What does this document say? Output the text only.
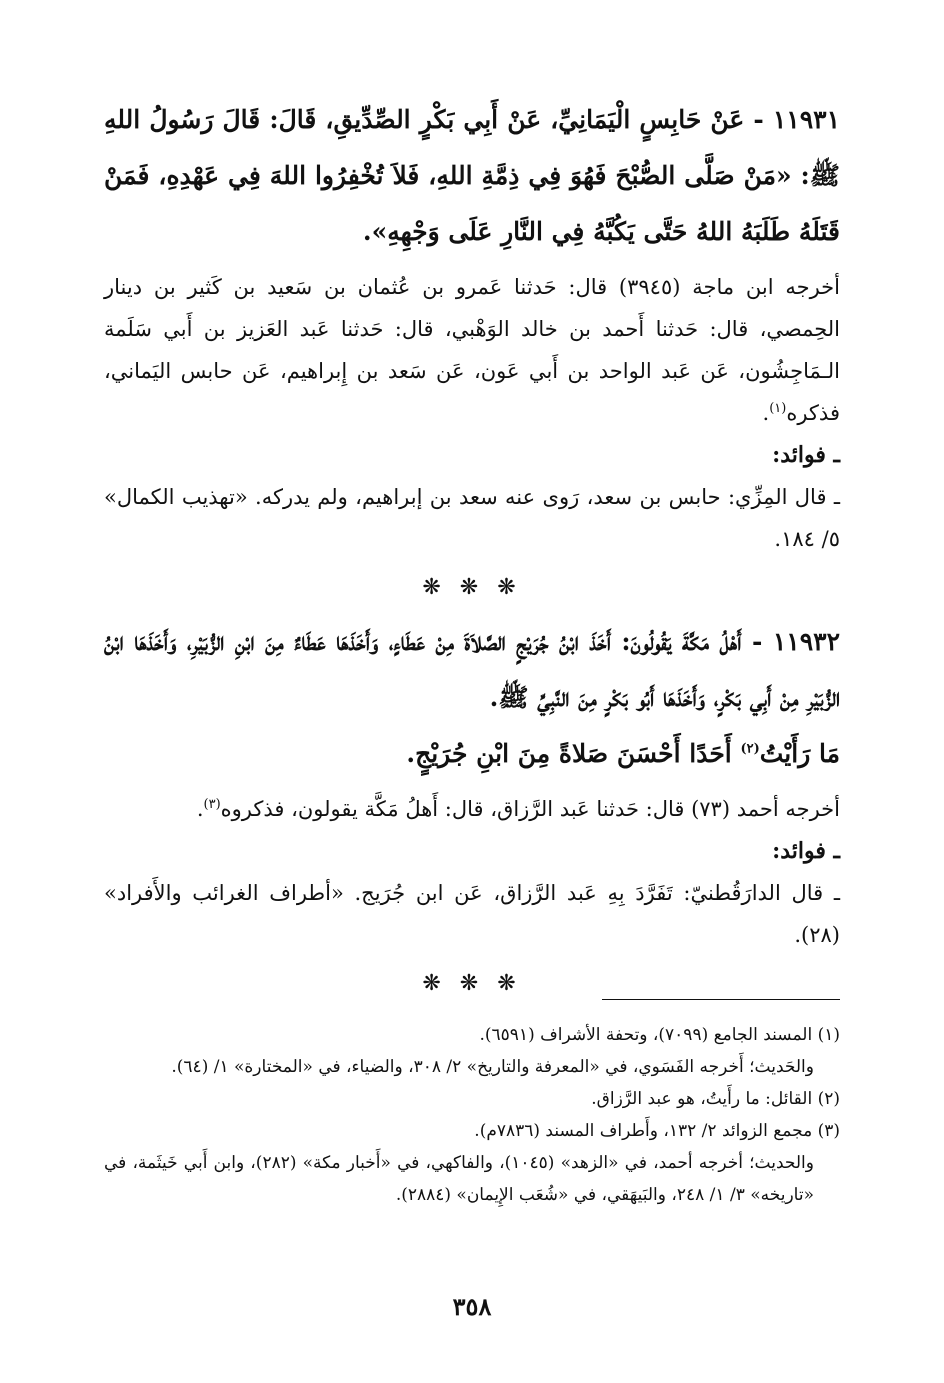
١١٩٣١ - عَنْ حَابِسٍ الْيَمَانِيِّ، عَنْ أَبِي بَكْرٍ الصِّدِّيقِ، قَالَ: قَالَ رَسُولُ اللهِ ﷺ: «مَنْ صَلَّى الصُّبْحَ فَهُوَ فِي ذِمَّةِ اللهِ، فَلاَ تُخْفِرُوا اللهَ فِي عَهْدِهِ، فَمَنْ قَتَلَهُ طَلَبَهُ اللهُ حَتَّى يَكُبَّهُ فِي النَّارِ عَلَى وَجْهِهِ».

أخرجه ابن ماجة (٣٩٤٥) قال: حَدثنا عَمرو بن عُثمان بن سَعيد بن كَثير بن دينار الحِمصي، قال: حَدثنا أَحمد بن خالد الوَهْبي، قال: حَدثنا عَبد العَزيز بن أَبي سَلَمة الـمَاجِشُون، عَن عَبد الواحد بن أَبي عَون، عَن سَعد بن إِبراهيم، عَن حابس اليَماني، فذكره$^{(١)}$.

ـ فوائد:

ـ قال المِزِّي: حابس بن سعد، رَوى عنه سعد بن إبراهيم، ولم يدركه. «تهذيب الكمال» ٥/ ١٨٤.

❋ ❋ ❋

١١٩٣٢ - أَهْلُ مَكَّةَ يَقُولُونَ: أَخَذَ ابْنُ جُرَيْجٍ الصَّلاَةَ مِنْ عَطَاءٍ، وَأَخَذَهَا عَطَاءٌ مِنَ ابْنِ الزُّبَيْرِ، وَأَخَذَهَا ابْنُ الزُّبَيْرِ مِنْ أَبِي بَكْرٍ، وَأَخَذَهَا أَبُو بَكْرٍ مِنَ النَّبِيِّ ﷺ.

مَا رَأَيْتُ$^{(٢)}$ أَحَدًا أَحْسَنَ صَلاةً مِنَ ابْنِ جُرَيْجٍ.

أخرجه أحمد (٧٣) قال: حَدثنا عَبد الرَّزاق، قال: أَهلُ مَكَّة يقولون، فذكروه$^{(٣)}$.

ـ فوائد:

ـ قال الدارَقُطنيّ: تَفَرَّدَ بِهِ عَبد الرَّزاق، عَن ابن جُرَيج. «أطراف الغرائب والأَفراد» (٢٨).

❋ ❋ ❋

(١) المسند الجامع (٧٠٩٩)، وتحفة الأشراف (٦٥٩١).

والحَديث؛ أَخرجه الفَسَوي، في «المعرفة والتاريخ» ٢/ ٣٠٨، والضياء، في «المختارة» ١/ (٦٤).

(٢) القائل: ما رأَيتُ، هو عبد الرَّزاق.

(٣) مجمع الزوائد ٢/ ١٣٢، وأَطراف المسند (٧٨٣٦م).

والحديث؛ أخرجه أحمد، في «الزهد» (١٠٤٥)، والفاكهي، في «أَخبار مكة» (٢٨٢)، وابن أَبي خَيثَمة، في «تاريخه» ٣/ ١/ ٢٤٨، والبَيهَقي، في «شُعَب الإِيمان» (٢٨٨٤).

٣٥٨
